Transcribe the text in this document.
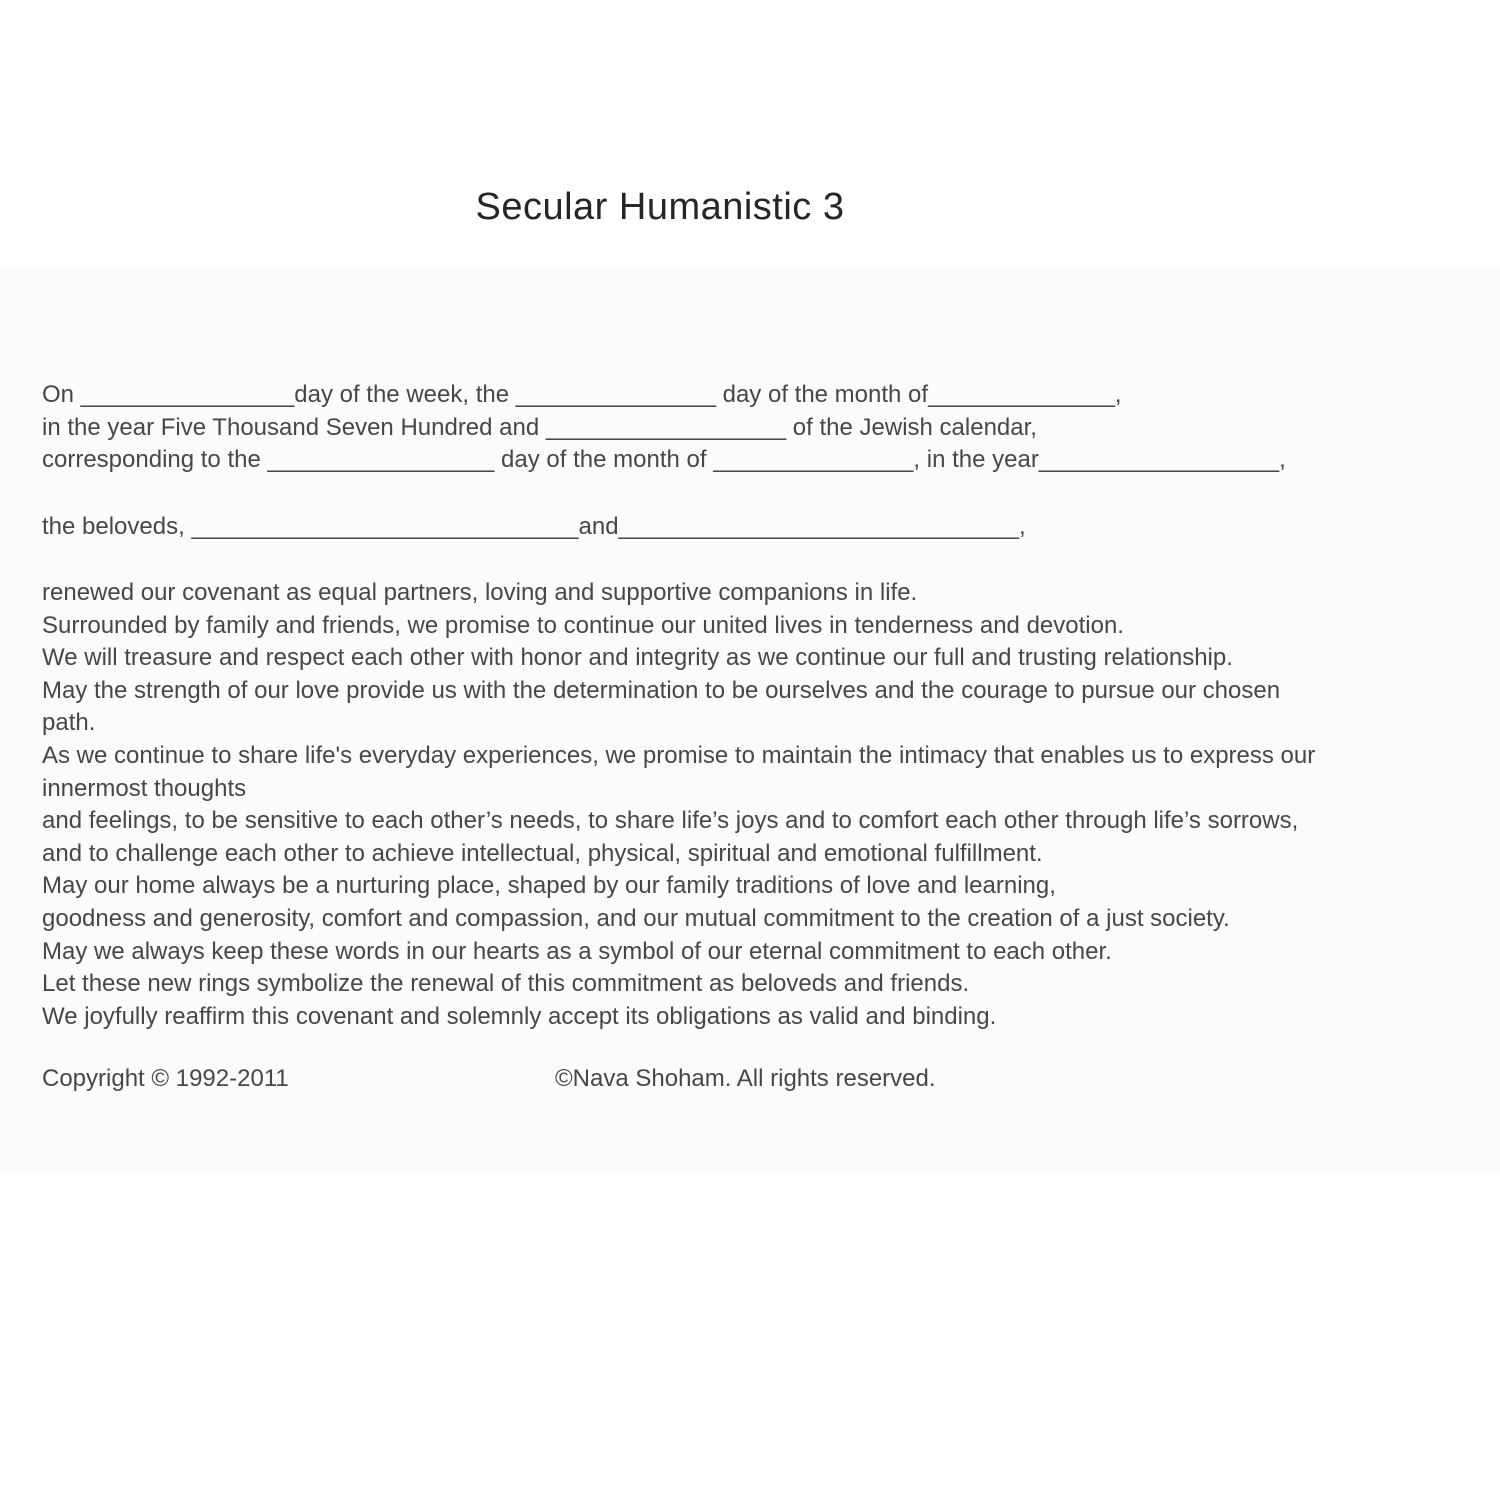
Secular Humanistic 3
On ________________day of the week, the _______________ day of the month of______________,
in the year Five Thousand Seven Hundred and __________________ of the Jewish calendar,
corresponding to the _________________ day of the month of _______________, in the year__________________,
the beloveds, _____________________________and______________________________,
renewed our covenant as equal partners, loving and supportive companions in life.
Surrounded by family and friends, we promise to continue our united lives in tenderness and devotion.
We will treasure and respect each other with honor and integrity as we continue our full and trusting relationship.
May the strength of our love provide us with the determination to be ourselves and the courage to pursue our chosen
path.
As we continue to share life's everyday experiences, we promise to maintain the intimacy that enables us to express our
innermost thoughts
and feelings, to be sensitive to each other’s needs, to share life’s joys and to comfort each other through life’s sorrows,
and to challenge each other to achieve intellectual, physical, spiritual and emotional fulfillment.
May our home always be a nurturing place, shaped by our family traditions of love and learning,
goodness and generosity, comfort and compassion, and our mutual commitment to the creation of a just society.
May we always keep these words in our hearts as a symbol of our eternal commitment to each other.
Let these new rings symbolize the renewal of this commitment as beloveds and friends.
We joyfully reaffirm this covenant and solemnly accept its obligations as valid and binding.
Copyright © 1992-2011	©Nava Shoham. All rights reserved.
